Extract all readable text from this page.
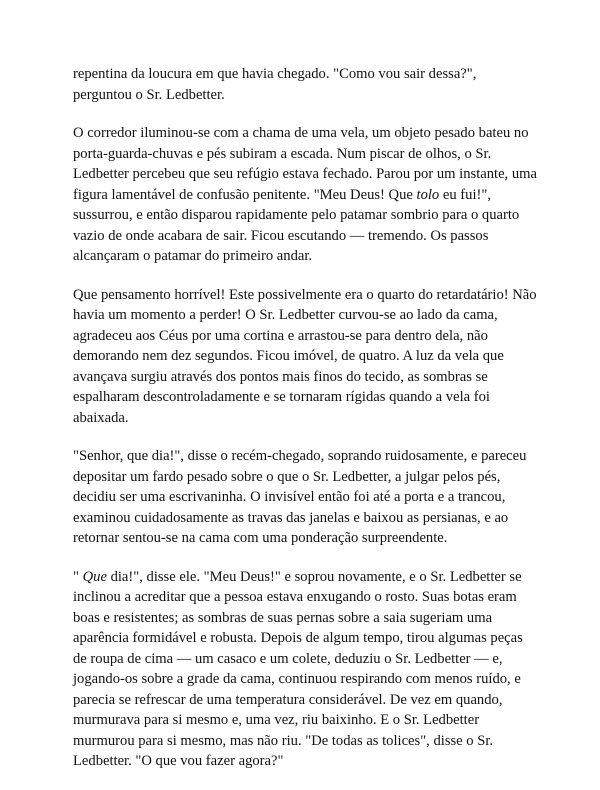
repentina da loucura em que havia chegado. "Como vou sair dessa?", perguntou o Sr. Ledbetter.

O corredor iluminou-se com a chama de uma vela, um objeto pesado bateu no porta-guarda-chuvas e pés subiram a escada. Num piscar de olhos, o Sr. Ledbetter percebeu que seu refúgio estava fechado. Parou por um instante, uma figura lamentável de confusão penitente. "Meu Deus! Que tolo eu fui!", sussurrou, e então disparou rapidamente pelo patamar sombrio para o quarto vazio de onde acabara de sair. Ficou escutando — tremendo. Os passos alcançaram o patamar do primeiro andar.

Que pensamento horrível! Este possivelmente era o quarto do retardatário! Não havia um momento a perder! O Sr. Ledbetter curvou-se ao lado da cama, agradeceu aos Céus por uma cortina e arrastou-se para dentro dela, não demorando nem dez segundos. Ficou imóvel, de quatro. A luz da vela que avançava surgiu através dos pontos mais finos do tecido, as sombras se espalharam descontroladamente e se tornaram rígidas quando a vela foi abaixada.

"Senhor, que dia!", disse o recém-chegado, soprando ruidosamente, e pareceu depositar um fardo pesado sobre o que o Sr. Ledbetter, a julgar pelos pés, decidiu ser uma escrivaninha. O invisível então foi até a porta e a trancou, examinou cuidadosamente as travas das janelas e baixou as persianas, e ao retornar sentou-se na cama com uma ponderação surpreendente.

" Que dia!", disse ele. "Meu Deus!" e soprou novamente, e o Sr. Ledbetter se inclinou a acreditar que a pessoa estava enxugando o rosto. Suas botas eram boas e resistentes; as sombras de suas pernas sobre a saia sugeriam uma aparência formidável e robusta. Depois de algum tempo, tirou algumas peças de roupa de cima — um casaco e um colete, deduziu o Sr. Ledbetter — e, jogando-os sobre a grade da cama, continuou respirando com menos ruído, e parecia se refrescar de uma temperatura considerável. De vez em quando, murmurava para si mesmo e, uma vez, riu baixinho. E o Sr. Ledbetter murmurou para si mesmo, mas não riu. "De todas as tolices", disse o Sr. Ledbetter. "O que vou fazer agora?"
